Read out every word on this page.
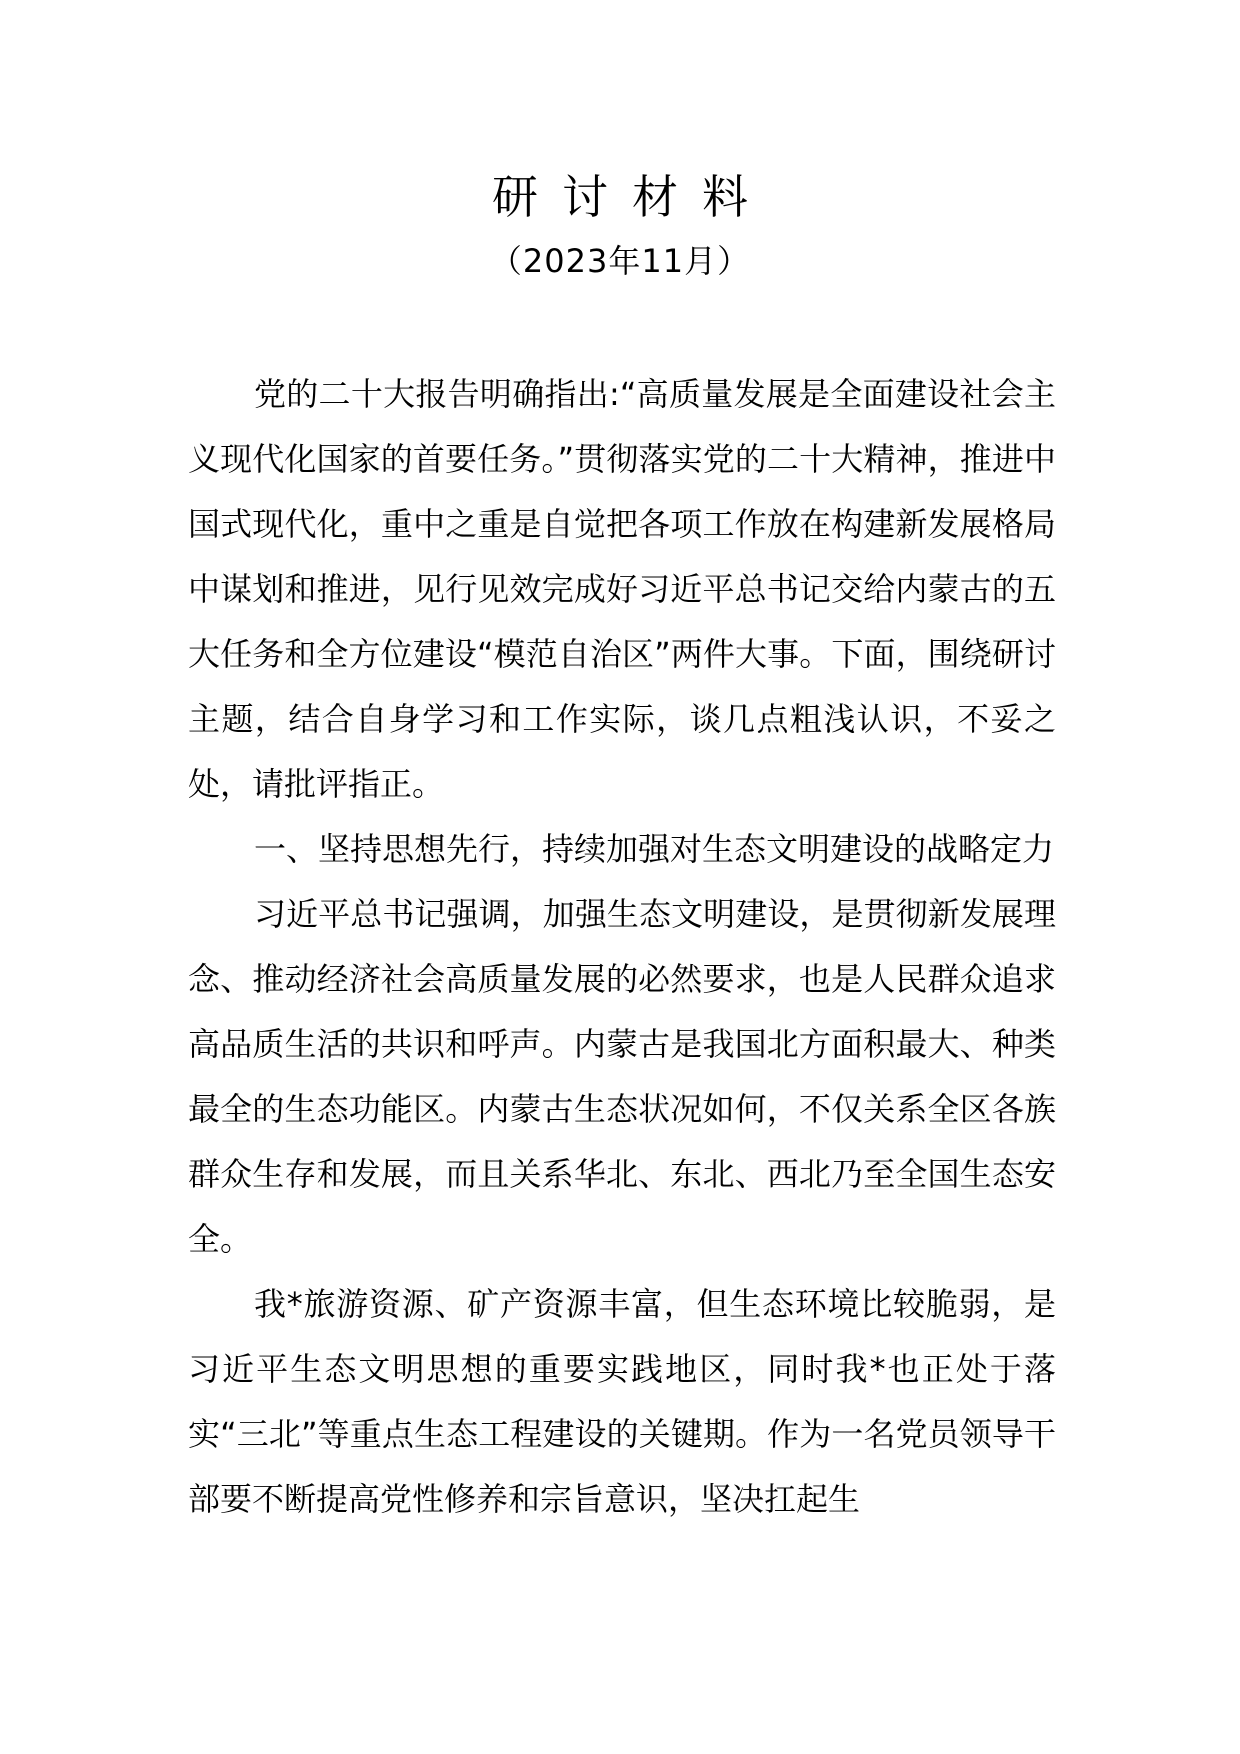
研讨材料
（2023年11月）

党的二十大报告明确指出:“高质量发展是全面建设社会主义现代化国家的首要任务。”贯彻落实党的二十大精神，推进中国式现代化，重中之重是自觉把各项工作放在构建新发展格局中谋划和推进，见行见效完成好习近平总书记交给内蒙古的五大任务和全方位建设“模范自治区”两件大事。下面，围绕研讨主题，结合自身学习和工作实际，谈几点粗浅认识，不妥之处，请批评指正。

一、坚持思想先行，持续加强对生态文明建设的战略定力

习近平总书记强调，加强生态文明建设，是贯彻新发展理念、推动经济社会高质量发展的必然要求，也是人民群众追求高品质生活的共识和呼声。内蒙古是我国北方面积最大、种类最全的生态功能区。内蒙古生态状况如何，不仅关系全区各族群众生存和发展，而且关系华北、东北、西北乃至全国生态安全。

我*旅游资源、矿产资源丰富，但生态环境比较脆弱，是习近平生态文明思想的重要实践地区，同时我*也正处于落实“三北”等重点生态工程建设的关键期。作为一名党员领导干部要不断提高党性修养和宗旨意识，坚决扛起生
